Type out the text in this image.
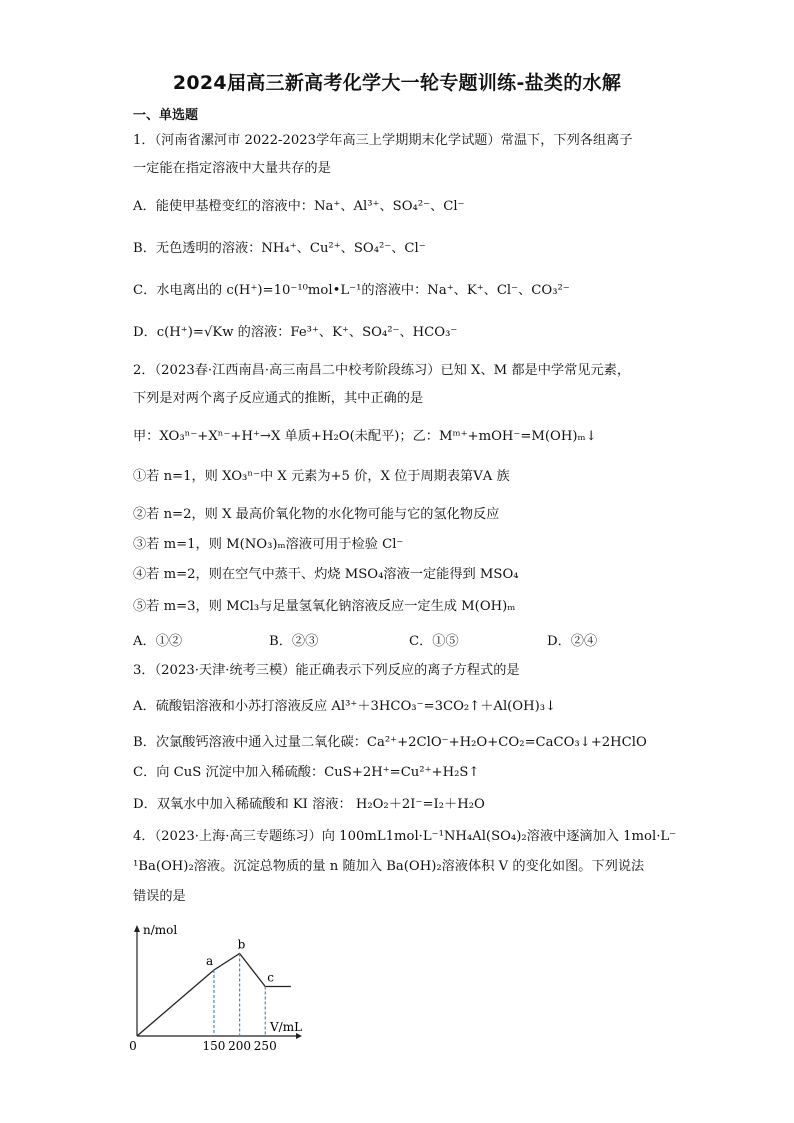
2024届高三新高考化学大一轮专题训练-盐类的水解
一、单选题
1．（河南省漯河市 2022-2023学年高三上学期期末化学试题）常温下，下列各组离子
一定能在指定溶液中大量共存的是
A．能使甲基橙变红的溶液中：Na⁺、Al³⁺、SO₄²⁻、Cl⁻
B．无色透明的溶液：NH₄⁺、Cu²⁺、SO₄²⁻、Cl⁻
C．水电离出的 c(H⁺)=10⁻¹⁰mol•L⁻¹的溶液中：Na⁺、K⁺、Cl⁻、CO₃²⁻
D．c(H⁺)=√Kw 的溶液：Fe³⁺、K⁺、SO₄²⁻、HCO₃⁻
2．（2023春·江西南昌·高三南昌二中校考阶段练习）已知 X、M 都是中学常见元素，
下列是对两个离子反应通式的推断，其中正确的是
甲：XO₃ⁿ⁻+Xⁿ⁻+H⁺→X 单质+H₂O(未配平)；乙：Mᵐ⁺+mOH⁻=M(OH)ₘ↓
①若 n=1，则 XO₃ⁿ⁻中 X 元素为+5 价，X 位于周期表第ⅤA 族
②若 n=2，则 X 最高价氧化物的水化物可能与它的氢化物反应
③若 m=1，则 M(NO₃)ₘ溶液可用于检验 Cl⁻
④若 m=2，则在空气中蒸干、灼烧 MSO₄溶液一定能得到 MSO₄
⑤若 m=3，则 MCl₃与足量氢氧化钠溶液反应一定生成 M(OH)ₘ
3．（2023·天津·统考三模）能正确表示下列反应的离子方程式的是
A．硫酸铝溶液和小苏打溶液反应 Al³⁺＋3HCO₃⁻=3CO₂↑＋Al(OH)₃↓
B．次氯酸钙溶液中通入过量二氧化碳：Ca²⁺+2ClO⁻+H₂O+CO₂=CaCO₃↓+2HClO
C．向 CuS 沉淀中加入稀硫酸：CuS+2H⁺=Cu²⁺+H₂S↑
D．双氧水中加入稀硫酸和 KI 溶液： H₂O₂＋2I⁻=I₂＋H₂O
4．（2023·上海·高三专题练习）向 100mL1mol·L⁻¹NH₄Al(SO₄)₂溶液中逐滴加入 1mol·L⁻
¹Ba(OH)₂溶液。沉淀总物质的量 n 随加入 Ba(OH)₂溶液体积 V 的变化如图。下列说法
错误的是
A．①②	B．②③	C．①⑤	D．②④
n/mol
V/mL
0
a
b
c
150 200 250
